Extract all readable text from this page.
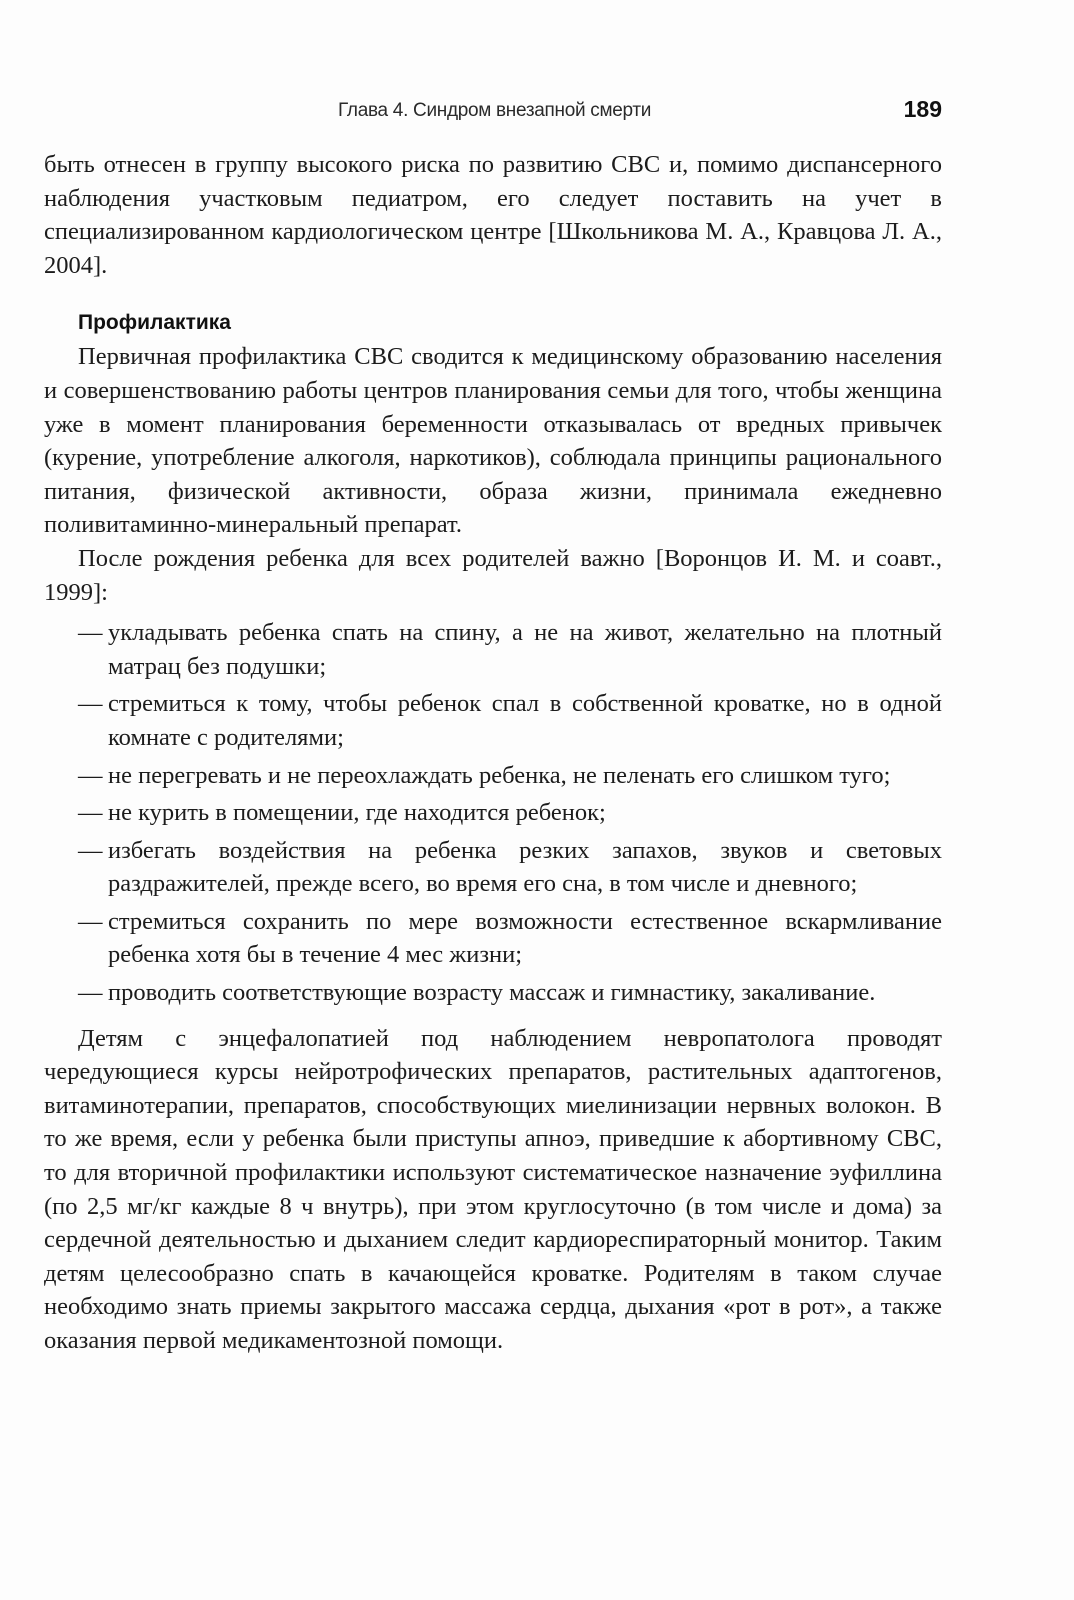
Глава 4. Синдром внезапной смерти	189

быть отнесен в группу высокого риска по развитию СВС и, помимо диспансерного наблюдения участковым педиатром, его следует поставить на учет в специализированном кардиологическом центре [Школьникова М. А., Кравцова Л. А., 2004].

Профилактика

Первичная профилактика СВС сводится к медицинскому образованию населения и совершенствованию работы центров планирования семьи для того, чтобы женщина уже в момент планирования беременности отказывалась от вредных привычек (курение, употребление алкоголя, наркотиков), соблюдала принципы рационального питания, физической активности, образа жизни, принимала ежедневно поливитаминно-минеральный препарат.

После рождения ребенка для всех родителей важно [Воронцов И. М. и соавт., 1999]:

— укладывать ребенка спать на спину, а не на живот, желательно на плотный матрац без подушки;
— стремиться к тому, чтобы ребенок спал в собственной кроватке, но в одной комнате с родителями;
— не перегревать и не переохлаждать ребенка, не пеленать его слишком туго;
— не курить в помещении, где находится ребенок;
— избегать воздействия на ребенка резких запахов, звуков и световых раздражителей, прежде всего, во время его сна, в том числе и дневного;
— стремиться сохранить по мере возможности естественное вскармливание ребенка хотя бы в течение 4 мес жизни;
— проводить соответствующие возрасту массаж и гимнастику, закаливание.

Детям с энцефалопатией под наблюдением невропатолога проводят чередующиеся курсы нейротрофических препаратов, растительных адаптогенов, витаминотерапии, препаратов, способствующих миелинизации нервных волокон. В то же время, если у ребенка были приступы апноэ, приведшие к абортивному СВС, то для вторичной профилактики используют систематическое назначение эуфиллина (по 2,5 мг/кг каждые 8 ч внутрь), при этом круглосуточно (в том числе и дома) за сердечной деятельностью и дыханием следит кардиореспираторный монитор. Таким детям целесообразно спать в качающейся кроватке. Родителям в таком случае необходимо знать приемы закрытого массажа сердца, дыхания «рот в рот», а также оказания первой медикаментозной помощи.
